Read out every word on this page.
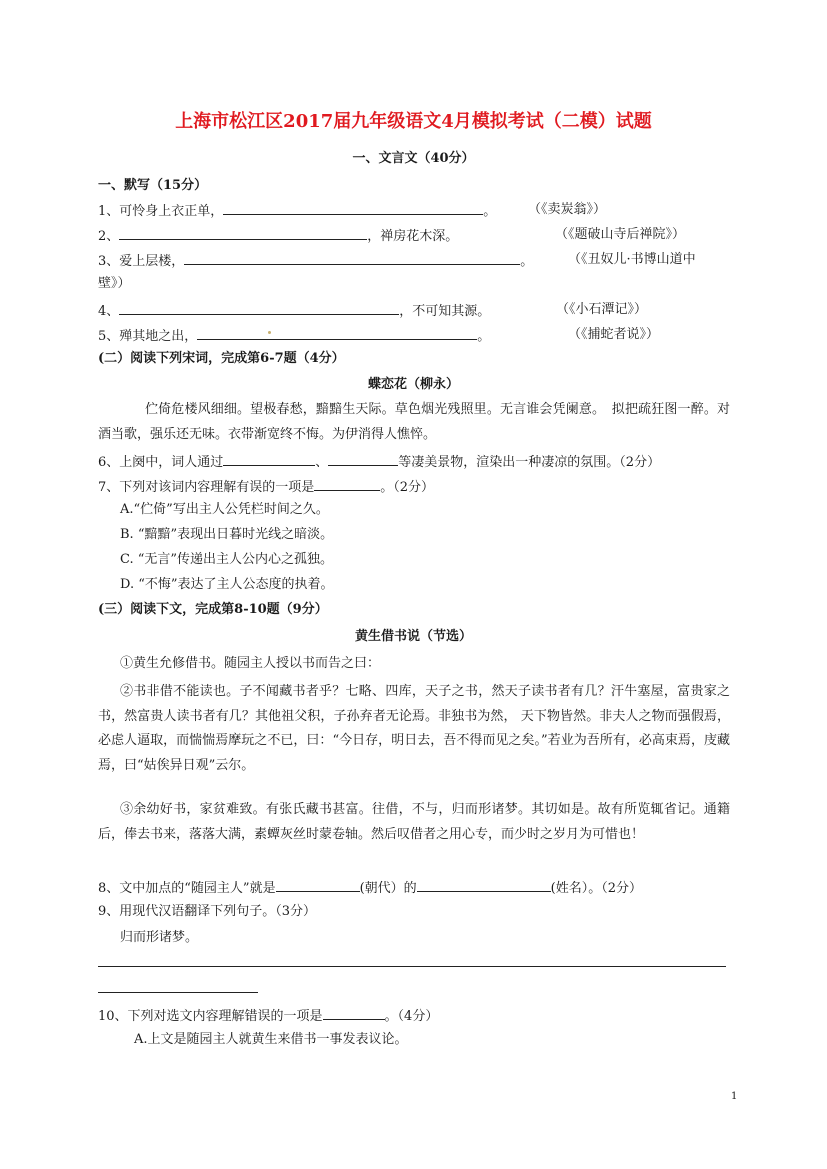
上海市松江区2017届九年级语文4月模拟考试（二模）试题
一、文言文（40分）
一、默写（15分）
1、可怜身上衣正单，	。 （《卖炭翁》）
2、	，禅房花木深。	（《题破山寺后禅院》）
3、爱上层楼，	。	（《丑奴儿·书博山道中
壁》）
4、	，不可知其源。	（《小石潭记》）
5、殚其地之出，	。	（《捕蛇者说》）
(二）阅读下列宋词，完成第6-7题（4分）
蝶恋花（柳永）
伫倚危楼风细细。望极春愁，黯黯生天际。草色烟光残照里。无言谁会凭阑意。　拟把疏狂图一醉。对酒当歌，强乐还无味。衣带渐宽终不悔。为伊消得人憔悴。
6、上阕中，词人通过	、	等凄美景物，渲染出一种凄凉的氛围。（2分）
7、下列对该词内容理解有误的一项是	。（2分）
A.“伫倚”写出主人公凭栏时间之久。
B. “黯黯”表现出日暮时光线之暗淡。
C. “无言”传递出主人公内心之孤独。
D. “不悔”表达了主人公态度的执着。
(三）阅读下文，完成第8-10题（9分）
黄生借书说（节选）
①黄生允修借书。随园主人授以书而告之曰：
②书非借不能读也。子不闻藏书者乎？七略、四库，天子之书，然天子读书者有几？汗牛塞屋，富贵家之书，然富贵人读书者有几？其他祖父积，子孙弃者无论焉。非独书为然， 天下物皆然。非夫人之物而强假焉，必虑人逼取，而惴惴焉摩玩之不已，曰：“今日存，明日去，吾不得而见之矣。”若业为吾所有，必高束焉，庋藏焉，曰“姑俟异日观”云尔。
③余幼好书，家贫难致。有张氏藏书甚富。往借，不与，归而形诸梦。其切如是。故有所览辄省记。通籍后，俸去书来，落落大满，素蟫灰丝时蒙卷轴。然后叹借者之用心专，而少时之岁月为可惜也！
8、文中加点的“随园主人”就是	(朝代）的	(姓名）。（2分）
9、用现代汉语翻译下列句子。（3分）
归而形诸梦。
10、下列对选文内容理解错误的一项是	。（4分）
A.上文是随园主人就黄生来借书一事发表议论。
1
